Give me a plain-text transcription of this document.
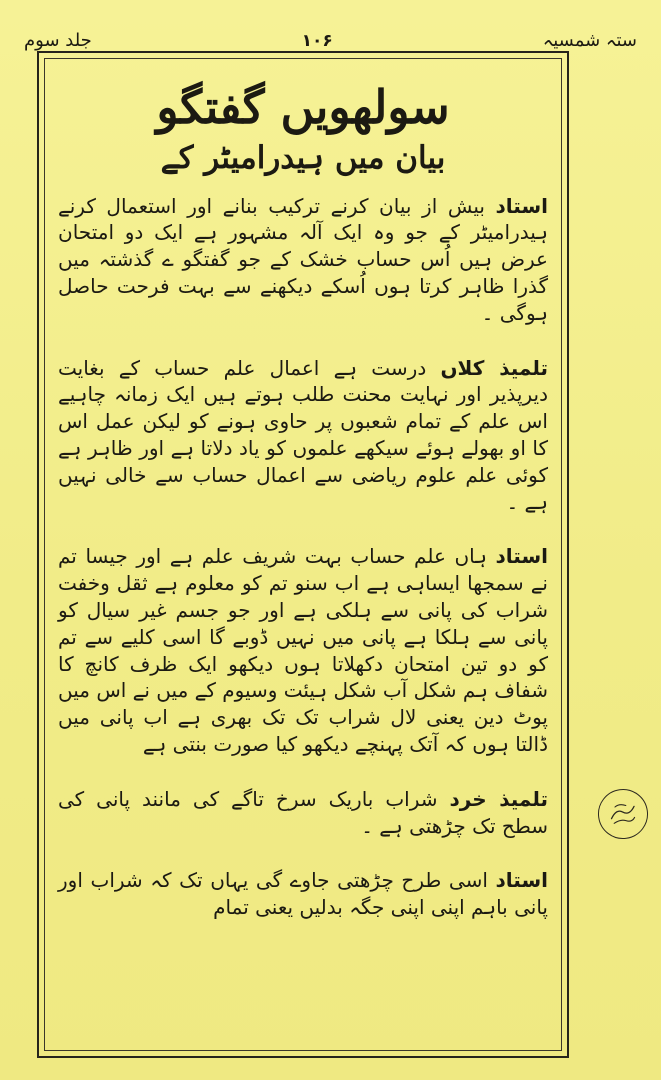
ستہ شمسیہ
۱۰۶
جلد سوم
سولھویں گفتگو
بیان میں ہیدرامیٹر کے
استاد بیش از بیان کرنے ترکیب بنانے اور استعمال کرنے ہیدرامیٹر کے جو وہ ایک آلہ مشہور ہے ایک دو امتحان عرض ہیں اُس حساب خشک کے جو گفتگو ے گذشتہ میں گذرا ظاہر کرتا ہوں اُسکے دیکھنے سے بہت فرحت حاصل ہوگی ۔
تلمیذ کلاں درست ہے اعمال علم حساب کے بغایت دیرپذیر اور نہایت محنت طلب ہوتے ہیں ایک زمانہ چاہیے اس علم کے تمام شعبوں پر حاوی ہونے کو لیکن عمل اس کا او بھولے ہوئے سیکھے علموں کو یاد دلاتا ہے اور ظاہر ہے کوئی علم علوم ریاضی سے اعمال حساب سے خالی نہیں ہے ۔
استاد ہاں علم حساب بہت شریف علم ہے اور جیسا تم نے سمجھا ایساہی ہے اب سنو تم کو معلوم ہے ثقل وخفت شراب کی پانی سے ہلکی ہے اور جو جسم غیر سیال کو پانی سے ہلکا ہے پانی میں نہیں ڈوبے گا اسی کلیے سے تم کو دو تین امتحان دکھلاتا ہوں دیکھو ایک ظرف کانچ کا شفاف ہم شکل آب شکل ہیئت وسیوم کے میں نے اس میں پوٹ دین یعنی لال شراب تک تک بھری ہے اب پانی میں ڈالتا ہوں کہ آتک پہنچے دیکھو کیا صورت بنتی ہے
تلمیذ خرد شراب باریک سرخ تاگے کی مانند پانی کی سطح تک چڑھتی ہے ۔
استاد اسی طرح چڑھتی جاوے گی یہاں تک کہ شراب اور پانی باہم اپنی اپنی جگہ بدلیں یعنی تمام
